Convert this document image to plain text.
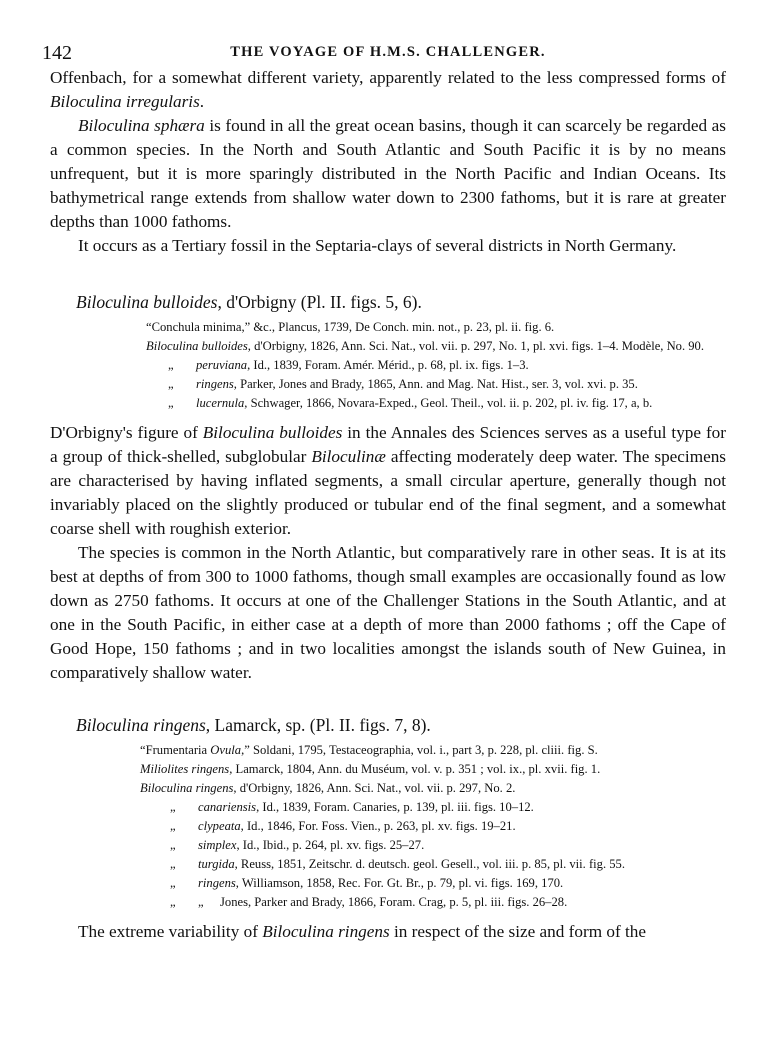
142	THE VOYAGE OF H.M.S. CHALLENGER.

Offenbach, for a somewhat different variety, apparently related to the less compressed forms of Biloculina irregularis.

Biloculina sphæra is found in all the great ocean basins, though it can scarcely be regarded as a common species. In the North and South Atlantic and South Pacific it is by no means unfrequent, but it is more sparingly distributed in the North Pacific and Indian Oceans. Its bathymetrical range extends from shallow water down to 2300 fathoms, but it is rare at greater depths than 1000 fathoms.

It occurs as a Tertiary fossil in the Septaria-clays of several districts in North Germany.

Biloculina bulloides, d'Orbigny (Pl. II. figs. 5, 6).
“Conchula minima,” &c., Plancus, 1739, De Conch. min. not., p. 23, pl. ii. fig. 6.
Biloculina bulloides, d'Orbigny, 1826, Ann. Sci. Nat., vol. vii. p. 297, No. 1, pl. xvi. figs. 1–4. Modèle, No. 90.
„ peruviana, Id., 1839, Foram. Amér. Mérid., p. 68, pl. ix. figs. 1–3.
„ ringens, Parker, Jones and Brady, 1865, Ann. and Mag. Nat. Hist., ser. 3, vol. xvi. p. 35.
„ lucernula, Schwager, 1866, Novara-Exped., Geol. Theil., vol. ii. p. 202, pl. iv. fig. 17, a, b.

D'Orbigny's figure of Biloculina bulloides in the Annales des Sciences serves as a useful type for a group of thick-shelled, subglobular Biloculinæ affecting moderately deep water. The specimens are characterised by having inflated segments, a small circular aperture, generally though not invariably placed on the slightly produced or tubular end of the final segment, and a somewhat coarse shell with roughish exterior.

The species is common in the North Atlantic, but comparatively rare in other seas. It is at its best at depths of from 300 to 1000 fathoms, though small examples are occasionally found as low down as 2750 fathoms. It occurs at one of the Challenger Stations in the South Atlantic, and at one in the South Pacific, in either case at a depth of more than 2000 fathoms ; off the Cape of Good Hope, 150 fathoms ; and in two localities amongst the islands south of New Guinea, in comparatively shallow water.

Biloculina ringens, Lamarck, sp. (Pl. II. figs. 7, 8).
“Frumentaria Ovula,” Soldani, 1795, Testaceographia, vol. i., part 3, p. 228, pl. cliii. fig. S.
Miliolites ringens, Lamarck, 1804, Ann. du Muséum, vol. v. p. 351 ; vol. ix., pl. xvii. fig. 1.
Biloculina ringens, d'Orbigny, 1826, Ann. Sci. Nat., vol. vii. p. 297, No. 2.
„ canariensis, Id., 1839, Foram. Canaries, p. 139, pl. iii. figs. 10–12.
„ clypeata, Id., 1846, For. Foss. Vien., p. 263, pl. xv. figs. 19–21.
„ simplex, Id., Ibid., p. 264, pl. xv. figs. 25–27.
„ turgida, Reuss, 1851, Zeitschr. d. deutsch. geol. Gesell., vol. iii. p. 85, pl. vii. fig. 55.
„ ringens, Williamson, 1858, Rec. For. Gt. Br., p. 79, pl. vi. figs. 169, 170.
„ „ Jones, Parker and Brady, 1866, Foram. Crag, p. 5, pl. iii. figs. 26–28.

The extreme variability of Biloculina ringens in respect of the size and form of the
